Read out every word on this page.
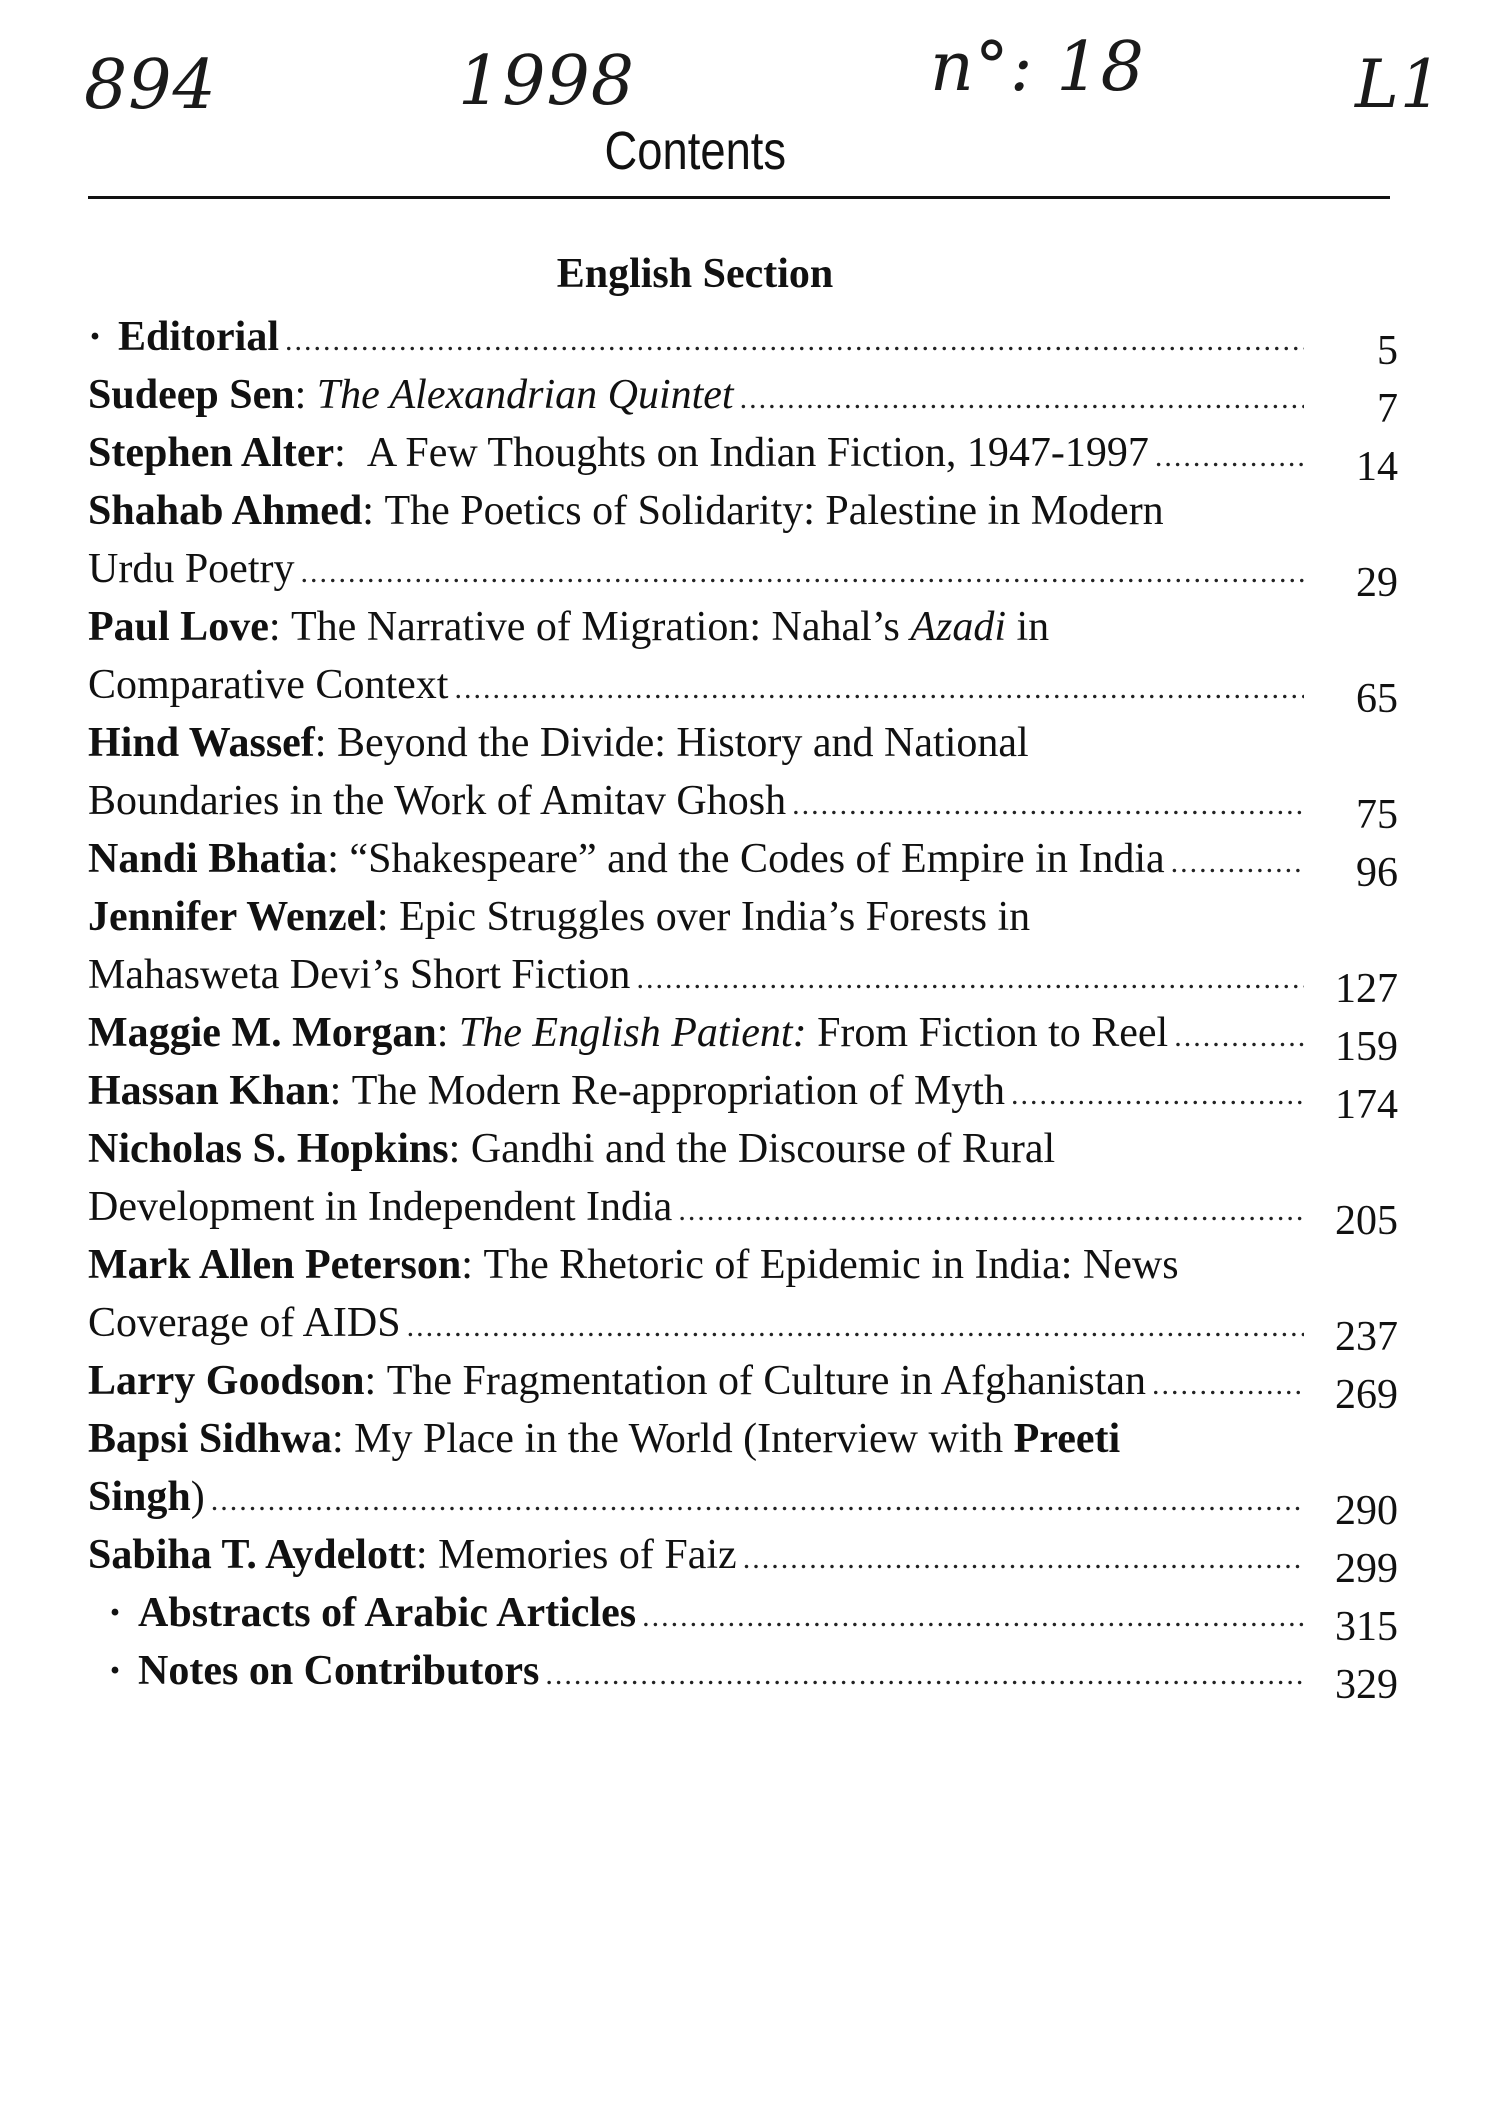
894	1998	n°: 18	L1
Contents
English Section
· Editorial .....	5
Sudeep Sen : The Alexandrian Quintet .....	7
Stephen Alter : A Few Thoughts on Indian Fiction, 1947-1997 .....	14
Shahab Ahmed : The Poetics of Solidarity: Palestine in Modern
Urdu Poetry .....	29
Paul Love : The Narrative of Migration: Nahal’s
Azadi
in
Comparative Context .....	65
Hind Wassef : Beyond the Divide: History and National
Boundaries in the Work of Amitav Ghosh .....	75
Nandi Bhatia : “Shakespeare” and the Codes of Empire in India .....	96
Jennifer Wenzel : Epic Struggles over India’s Forests in
Mahasweta Devi’s Short Fiction .....	127
Maggie M. Morgan : The English Patient:
From Fiction to Reel .....	159
Hassan Khan : The Modern Re-appropriation of Myth .....	174
Nicholas S. Hopkins : Gandhi and the Discourse of Rural
Development in Independent India .....	205
Mark Allen Peterson : The Rhetoric of Epidemic in India: News
Coverage of AIDS .....	237
Larry Goodson : The Fragmentation of Culture in Afghanistan .....	269
Bapsi Sidhwa : My Place in the World (Interview with
Preeti
Singh ) .....	290
Sabiha T. Aydelott : Memories of Faiz .....	299
· Abstracts of Arabic Articles .....	315
· Notes on Contributors .....	329
